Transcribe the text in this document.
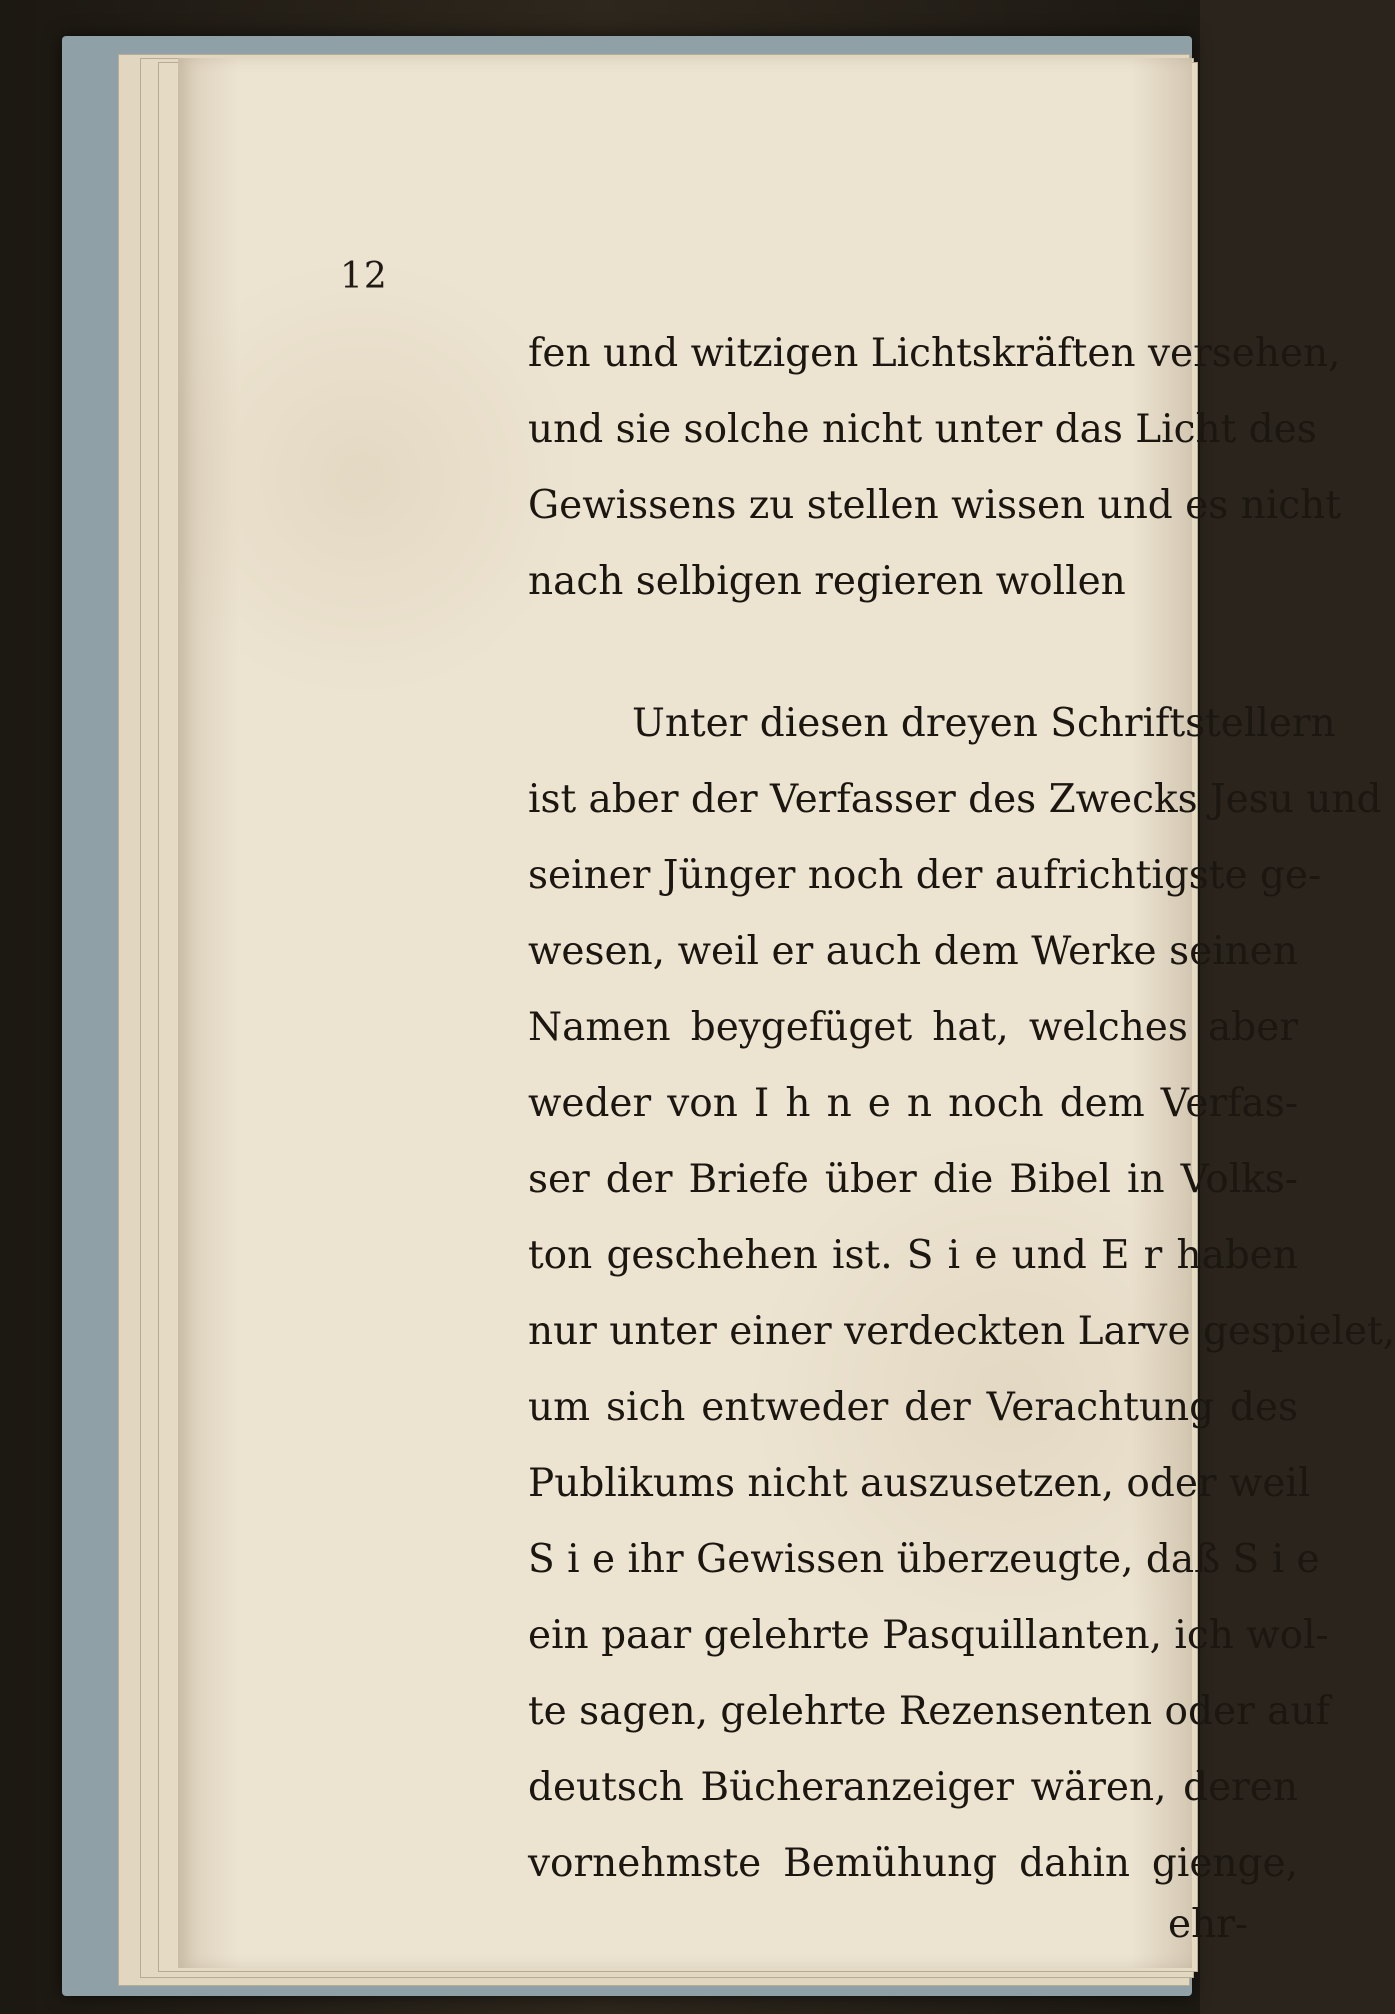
12
fen und witzigen Lichtskräften versehen,
und sie solche nicht unter das Licht des
Gewissens zu stellen wissen und es nicht
nach selbigen regieren wollen
Unter diesen dreyen Schriftstellern
ist aber der Verfasser des Zwecks Jesu und
seiner Jünger noch der aufrichtigste ge-
wesen, weil er auch dem Werke seinen
Namen beygefüget hat, welches aber
weder von I h n e n noch dem Verfas-
ser der Briefe über die Bibel in Volks-
ton geschehen ist. S i e und E r haben
nur unter einer verdeckten Larve gespielet,
um sich entweder der Verachtung des
Publikums nicht auszusetzen, oder weil
S i e ihr Gewissen überzeugte, daß S i e
ein paar gelehrte Pasquillanten, ich wol-
te sagen, gelehrte Rezensenten oder auf
deutsch Bücheranzeiger wären, deren
vornehmste Bemühung dahin gienge,
ehr-
